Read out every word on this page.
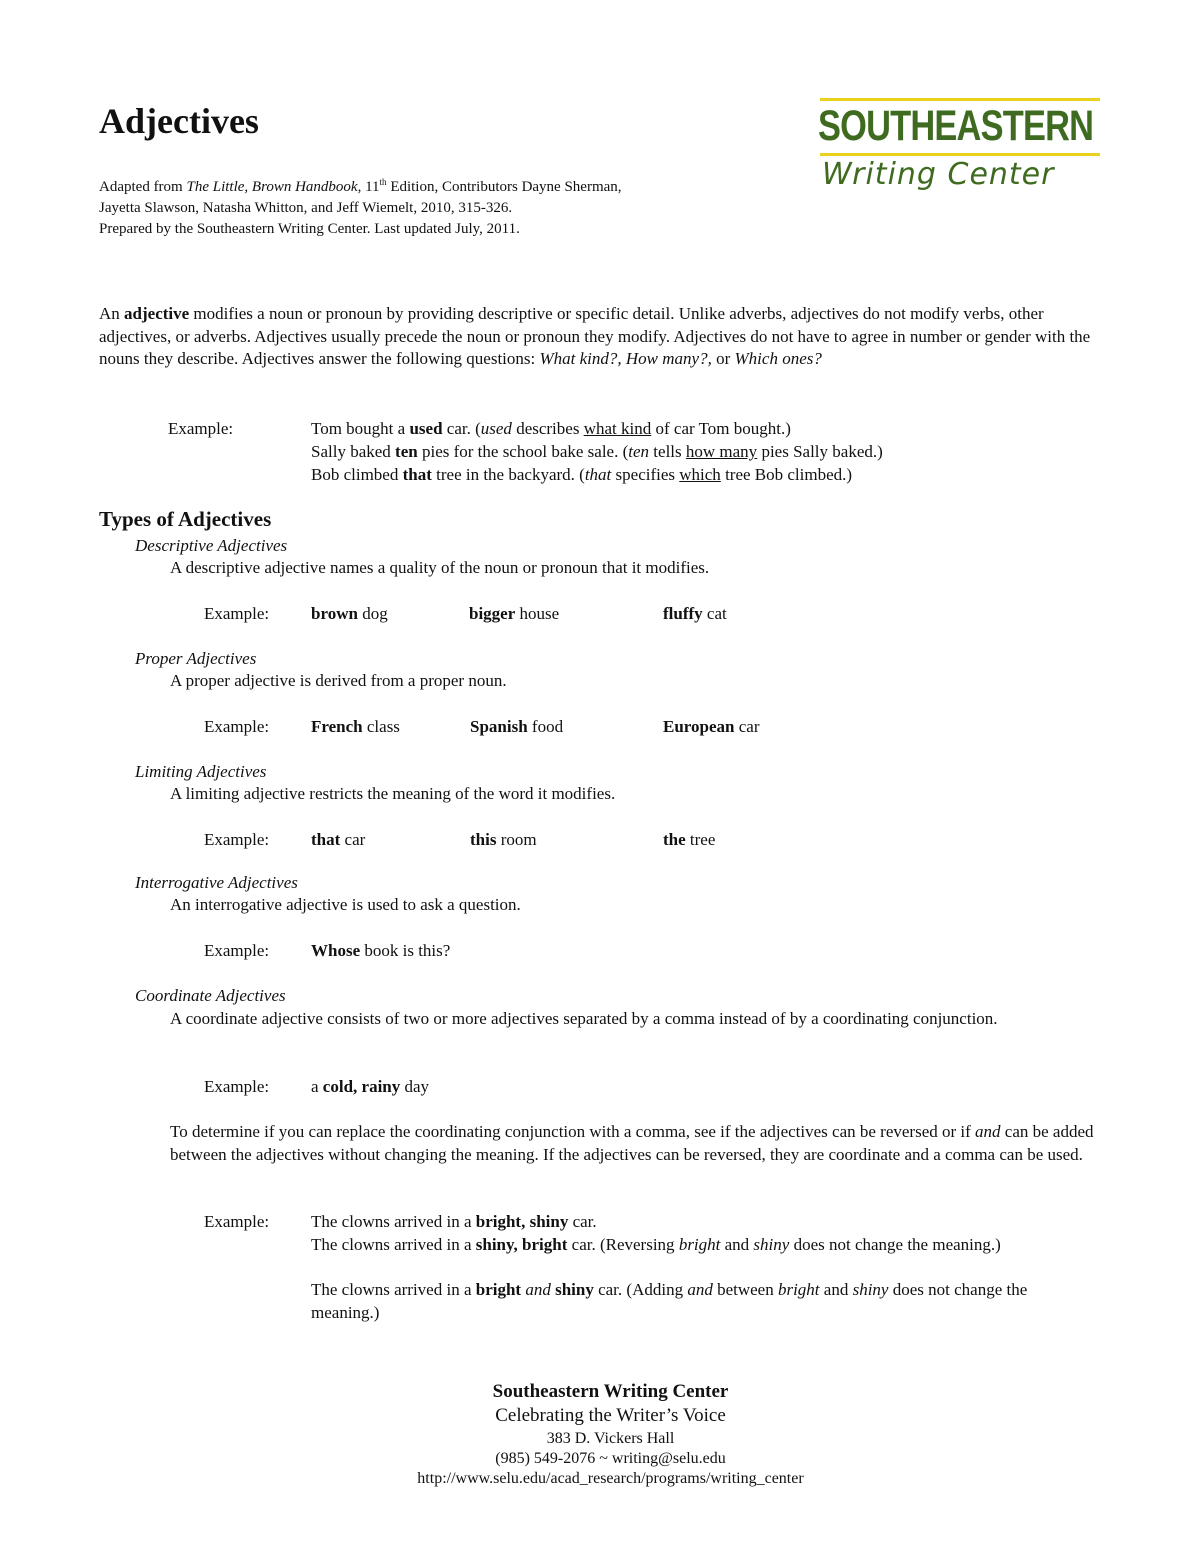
Adjectives
Adapted from The Little, Brown Handbook, 11th Edition, Contributors Dayne Sherman,
Jayetta Slawson, Natasha Whitton, and Jeff Wiemelt, 2010, 315-326.
Prepared by the Southeastern Writing Center. Last updated July, 2011.
SOUTHEASTERN
Writing Center
An adjective modifies a noun or pronoun by providing descriptive or specific detail. Unlike adverbs, adjectives do not modify verbs, other adjectives, or adverbs. Adjectives usually precede the noun or pronoun they modify. Adjectives do not have to agree in number or gender with the nouns they describe. Adjectives answer the following questions: What kind?, How many?, or Which ones?
Example:	Tom bought a used car. (used describes what kind of car Tom bought.)
Sally baked ten pies for the school bake sale. (ten tells how many pies Sally baked.)
Bob climbed that tree in the backyard. (that specifies which tree Bob climbed.)
Types of Adjectives
Descriptive Adjectives
A descriptive adjective names a quality of the noun or pronoun that it modifies.
Example: brown dog	bigger house	fluffy cat
Proper Adjectives
A proper adjective is derived from a proper noun.
Example: French class	Spanish food	European car
Limiting Adjectives
A limiting adjective restricts the meaning of the word it modifies.
Example: that car	this room	the tree
Interrogative Adjectives
An interrogative adjective is used to ask a question.
Example: Whose book is this?
Coordinate Adjectives
A coordinate adjective consists of two or more adjectives separated by a comma instead of by a coordinating conjunction.
Example: a cold, rainy day
To determine if you can replace the coordinating conjunction with a comma, see if the adjectives can be reversed or if and can be added between the adjectives without changing the meaning. If the adjectives can be reversed, they are coordinate and a comma can be used.
Example: The clowns arrived in a bright, shiny car.
The clowns arrived in a shiny, bright car. (Reversing bright and shiny does not change the meaning.)
The clowns arrived in a bright and shiny car. (Adding and between bright and shiny does not change the meaning.)
Southeastern Writing Center
Celebrating the Writer’s Voice
383 D. Vickers Hall
(985) 549-2076 ~ writing@selu.edu
http://www.selu.edu/acad_research/programs/writing_center
